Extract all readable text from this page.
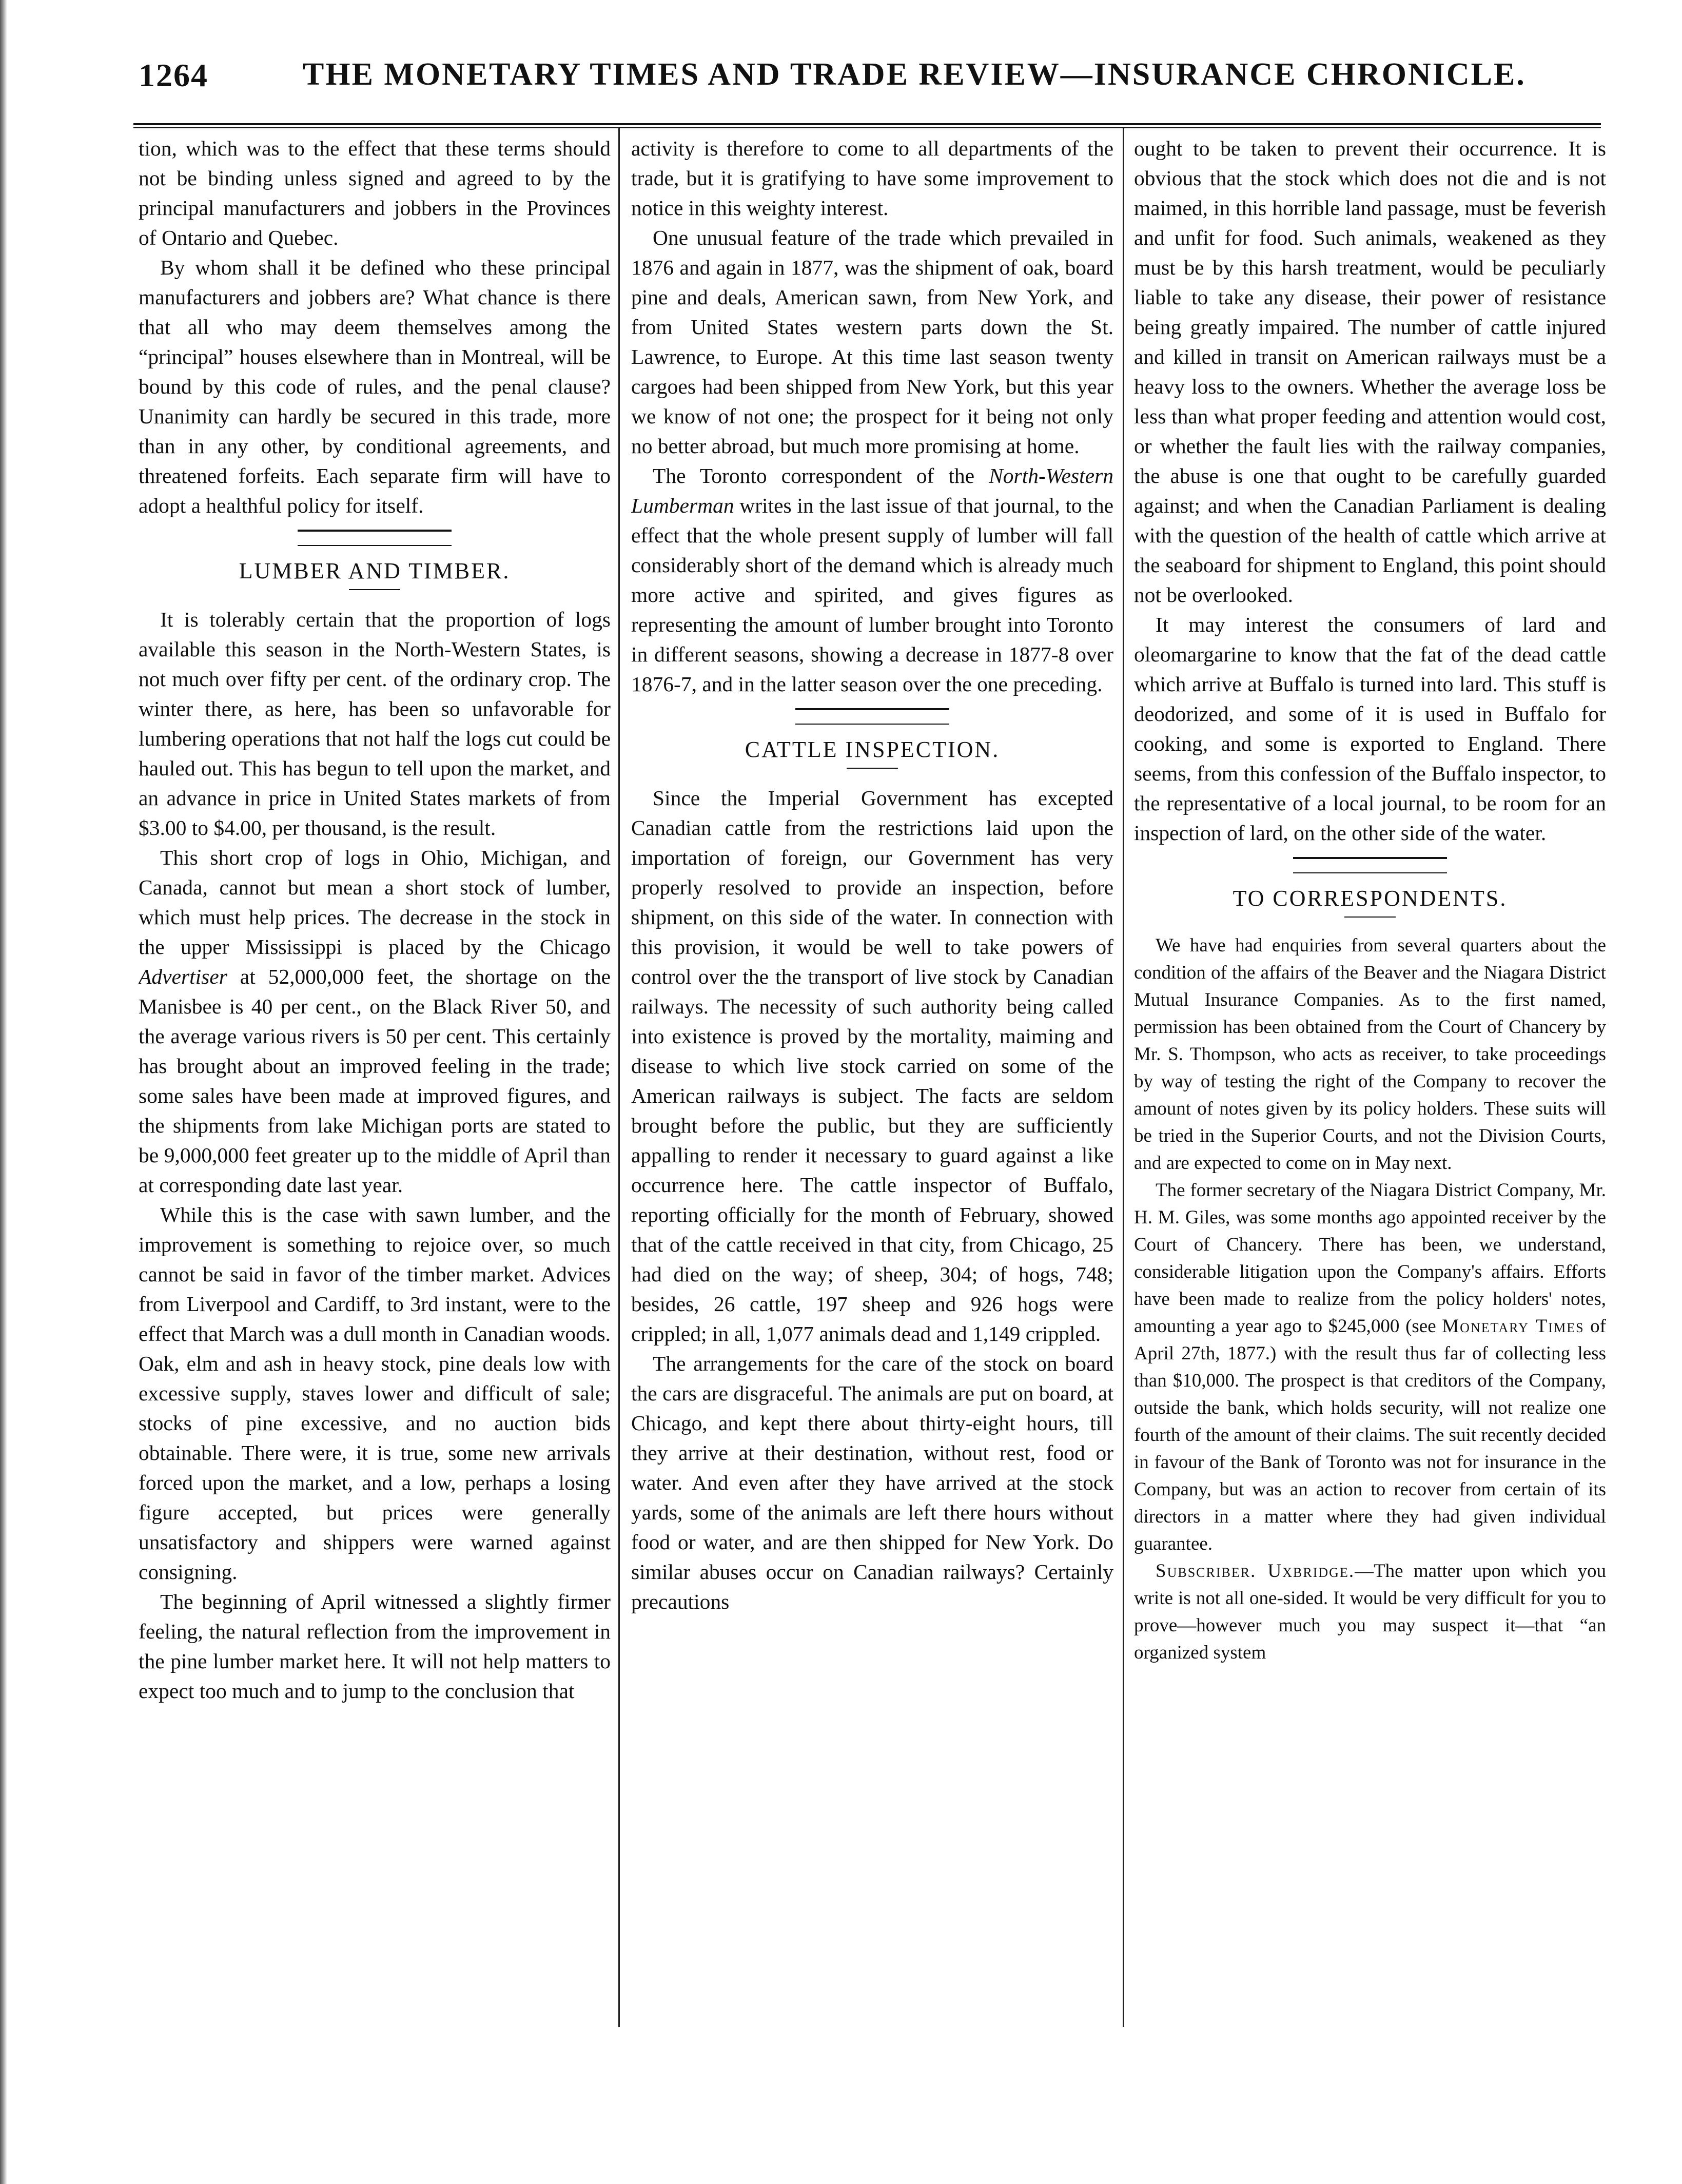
1264	THE MONETARY TIMES AND TRADE REVIEW—INSURANCE CHRONICLE.

tion, which was to the effect that these terms should not be binding unless signed and agreed to by the principal manufacturers and jobbers in the Provinces of Ontario and Quebec.

By whom shall it be defined who these principal manufacturers and jobbers are? What chance is there that all who may deem themselves among the “principal” houses elsewhere than in Montreal, will be bound by this code of rules, and the penal clause? Unanimity can hardly be secured in this trade, more than in any other, by conditional agreements, and threatened forfeits. Each separate firm will have to adopt a healthful policy for itself.

LUMBER AND TIMBER.

It is tolerably certain that the proportion of logs available this season in the North-Western States, is not much over fifty per cent. of the ordinary crop. The winter there, as here, has been so unfavorable for lumbering operations that not half the logs cut could be hauled out. This has begun to tell upon the market, and an advance in price in United States markets of from $3.00 to $4.00, per thousand, is the result.

This short crop of logs in Ohio, Michigan, and Canada, cannot but mean a short stock of lumber, which must help prices. The decrease in the stock in the upper Mississippi is placed by the Chicago Advertiser at 52,000,000 feet, the shortage on the Manisbee is 40 per cent., on the Black River 50, and the average various rivers is 50 per cent. This certainly has brought about an improved feeling in the trade; some sales have been made at improved figures, and the shipments from lake Michigan ports are stated to be 9,000,000 feet greater up to the middle of April than at corresponding date last year.

While this is the case with sawn lumber, and the improvement is something to rejoice over, so much cannot be said in favor of the timber market. Advices from Liverpool and Cardiff, to 3rd instant, were to the effect that March was a dull month in Canadian woods. Oak, elm and ash in heavy stock, pine deals low with excessive supply, staves lower and difficult of sale; stocks of pine excessive, and no auction bids obtainable. There were, it is true, some new arrivals forced upon the market, and a low, perhaps a losing figure accepted, but prices were generally unsatisfactory and shippers were warned against consigning.

The beginning of April witnessed a slightly firmer feeling, the natural reflection from the improvement in the pine lumber market here. It will not help matters to expect too much and to jump to the conclusion that

activity is therefore to come to all departments of the trade, but it is gratifying to have some improvement to notice in this weighty interest.

One unusual feature of the trade which prevailed in 1876 and again in 1877, was the shipment of oak, board pine and deals, American sawn, from New York, and from United States western parts down the St. Lawrence, to Europe. At this time last season twenty cargoes had been shipped from New York, but this year we know of not one; the prospect for it being not only no better abroad, but much more promising at home.

The Toronto correspondent of the North-Western Lumberman writes in the last issue of that journal, to the effect that the whole present supply of lumber will fall considerably short of the demand which is already much more active and spirited, and gives figures as representing the amount of lumber brought into Toronto in different seasons, showing a decrease in 1877-8 over 1876-7, and in the latter season over the one preceding.

CATTLE INSPECTION.

Since the Imperial Government has excepted Canadian cattle from the restrictions laid upon the importation of foreign, our Government has very properly resolved to provide an inspection, before shipment, on this side of the water. In connection with this provision, it would be well to take powers of control over the the transport of live stock by Canadian railways. The necessity of such authority being called into existence is proved by the mortality, maiming and disease to which live stock carried on some of the American railways is subject. The facts are seldom brought before the public, but they are sufficiently appalling to render it necessary to guard against a like occurrence here. The cattle inspector of Buffalo, reporting officially for the month of February, showed that of the cattle received in that city, from Chicago, 25 had died on the way; of sheep, 304; of hogs, 748; besides, 26 cattle, 197 sheep and 926 hogs were crippled; in all, 1,077 animals dead and 1,149 crippled.

The arrangements for the care of the stock on board the cars are disgraceful. The animals are put on board, at Chicago, and kept there about thirty-eight hours, till they arrive at their destination, without rest, food or water. And even after they have arrived at the stock yards, some of the animals are left there hours without food or water, and are then shipped for New York. Do similar abuses occur on Canadian railways? Certainly precautions

ought to be taken to prevent their occurrence. It is obvious that the stock which does not die and is not maimed, in this horrible land passage, must be feverish and unfit for food. Such animals, weakened as they must be by this harsh treatment, would be peculiarly liable to take any disease, their power of resistance being greatly impaired. The number of cattle injured and killed in transit on American railways must be a heavy loss to the owners. Whether the average loss be less than what proper feeding and attention would cost, or whether the fault lies with the railway companies, the abuse is one that ought to be carefully guarded against; and when the Canadian Parliament is dealing with the question of the health of cattle which arrive at the seaboard for shipment to England, this point should not be overlooked.

It may interest the consumers of lard and oleomargarine to know that the fat of the dead cattle which arrive at Buffalo is turned into lard. This stuff is deodorized, and some of it is used in Buffalo for cooking, and some is exported to England. There seems, from this confession of the Buffalo inspector, to the representative of a local journal, to be room for an inspection of lard, on the other side of the water.

TO CORRESPONDENTS.

We have had enquiries from several quarters about the condition of the affairs of the Beaver and the Niagara District Mutual Insurance Companies. As to the first named, permission has been obtained from the Court of Chancery by Mr. S. Thompson, who acts as receiver, to take proceedings by way of testing the right of the Company to recover the amount of notes given by its policy holders. These suits will be tried in the Superior Courts, and not the Division Courts, and are expected to come on in May next.

The former secretary of the Niagara District Company, Mr. H. M. Giles, was some months ago appointed receiver by the Court of Chancery. There has been, we understand, considerable litigation upon the Company's affairs. Efforts have been made to realize from the policy holders' notes, amounting a year ago to $245,000 (see Monetary Times of April 27th, 1877.) with the result thus far of collecting less than $10,000. The prospect is that creditors of the Company, outside the bank, which holds security, will not realize one fourth of the amount of their claims. The suit recently decided in favour of the Bank of Toronto was not for insurance in the Company, but was an action to recover from certain of its directors in a matter where they had given individual guarantee.

Subscriber. Uxbridge.—The matter upon which you write is not all one-sided. It would be very difficult for you to prove—however much you may suspect it—that “an organized system
